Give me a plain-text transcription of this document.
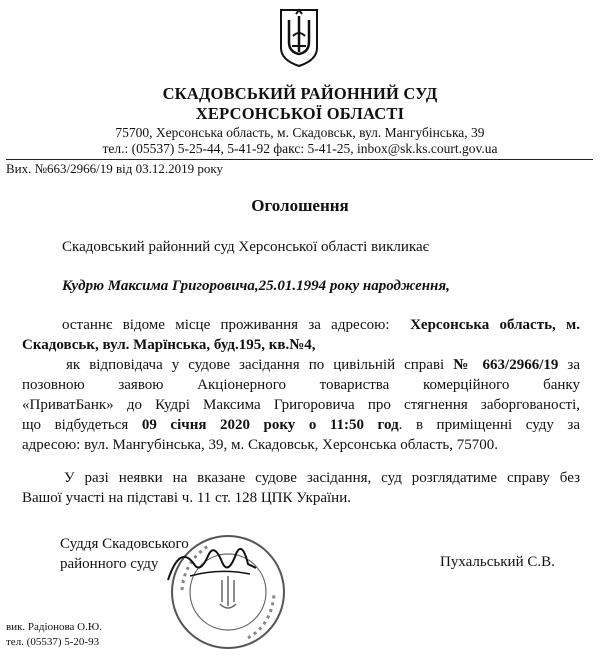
СКАДОВСЬКИЙ РАЙОННИЙ СУД
ХЕРСОНСЬКОЇ ОБЛАСТІ
75700, Херсонська область, м. Скадовськ, вул. Мангубінська, 39
тел.: (05537) 5-25-44, 5-41-92 факс: 5-41-25, inbox@sk.ks.court.gov.ua
Вих. №663/2966/19 від 03.12.2019 року
Оголошення
Скадовський районний суд Херсонської області викликає
Кудрю Максима Григоровича,25.01.1994 року народження,
останнє відоме місце проживання за адресою: Херсонська область, м.
Скадовськ, вул. Марїнська, буд.195, кв.№4,
як відповідача у судове засідання по цивільній справі № 663/2966/19 за
позовною заявою Акціонерного товариства комерційного банку
«ПриватБанк» до Кудрі Максима Григоровича про стягнення заборгованості,
що відбудеться 09 січня 2020 року о 11:50 год. в приміщенні суду за
адресою: вул. Мангубінська, 39, м. Скадовськ, Херсонська область, 75700.
У разі неявки на вказане судове засідання, суд розглядатиме справу без
Вашої участі на підставі ч. 11 ст. 128 ЦПК України.
Суддя Скадовського
районного суду	Пухальський С.В.
вик. Радіонова О.Ю.
тел. (05537) 5-20-93
